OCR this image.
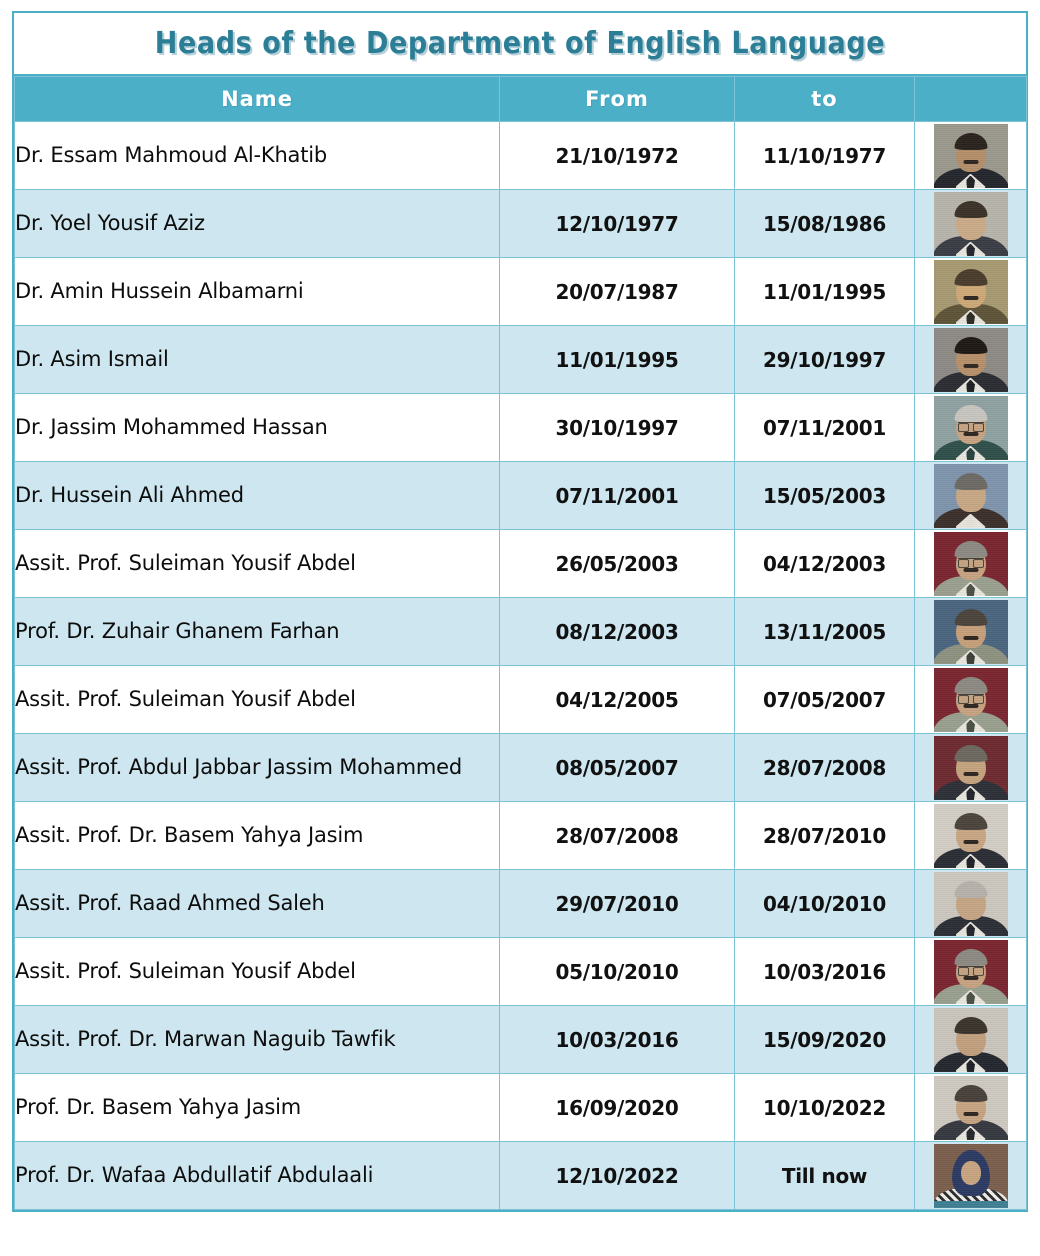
Heads of the Department of English Language
Name	From	to	

Dr. Essam Mahmoud Al-Khatib	21/10/1972	11/10/1977	

Dr. Yoel Yousif Aziz	12/10/1977	15/08/1986	

Dr. Amin Hussein Albamarni	20/07/1987	11/01/1995	

Dr. Asim Ismail	11/01/1995	29/10/1997	

Dr. Jassim Mohammed Hassan	30/10/1997	07/11/2001	

Dr. Hussein Ali Ahmed	07/11/2001	15/05/2003	

Assit. Prof. Suleiman Yousif Abdel	26/05/2003	04/12/2003	

Prof. Dr. Zuhair Ghanem Farhan	08/12/2003	13/11/2005	

Assit. Prof. Suleiman Yousif Abdel	04/12/2005	07/05/2007	

Assit. Prof. Abdul Jabbar Jassim Mohammed	08/05/2007	28/07/2008	

Assit. Prof. Dr. Basem Yahya Jasim	28/07/2008	28/07/2010	

Assit. Prof. Raad Ahmed Saleh	29/07/2010	04/10/2010	

Assit. Prof. Suleiman Yousif Abdel	05/10/2010	10/03/2016	

Assit. Prof. Dr. Marwan Naguib Tawfik	10/03/2016	15/09/2020	

Prof. Dr. Basem Yahya Jasim	16/09/2020	10/10/2022	

Prof. Dr. Wafaa Abdullatif Abdulaali	12/10/2022	Till now	
